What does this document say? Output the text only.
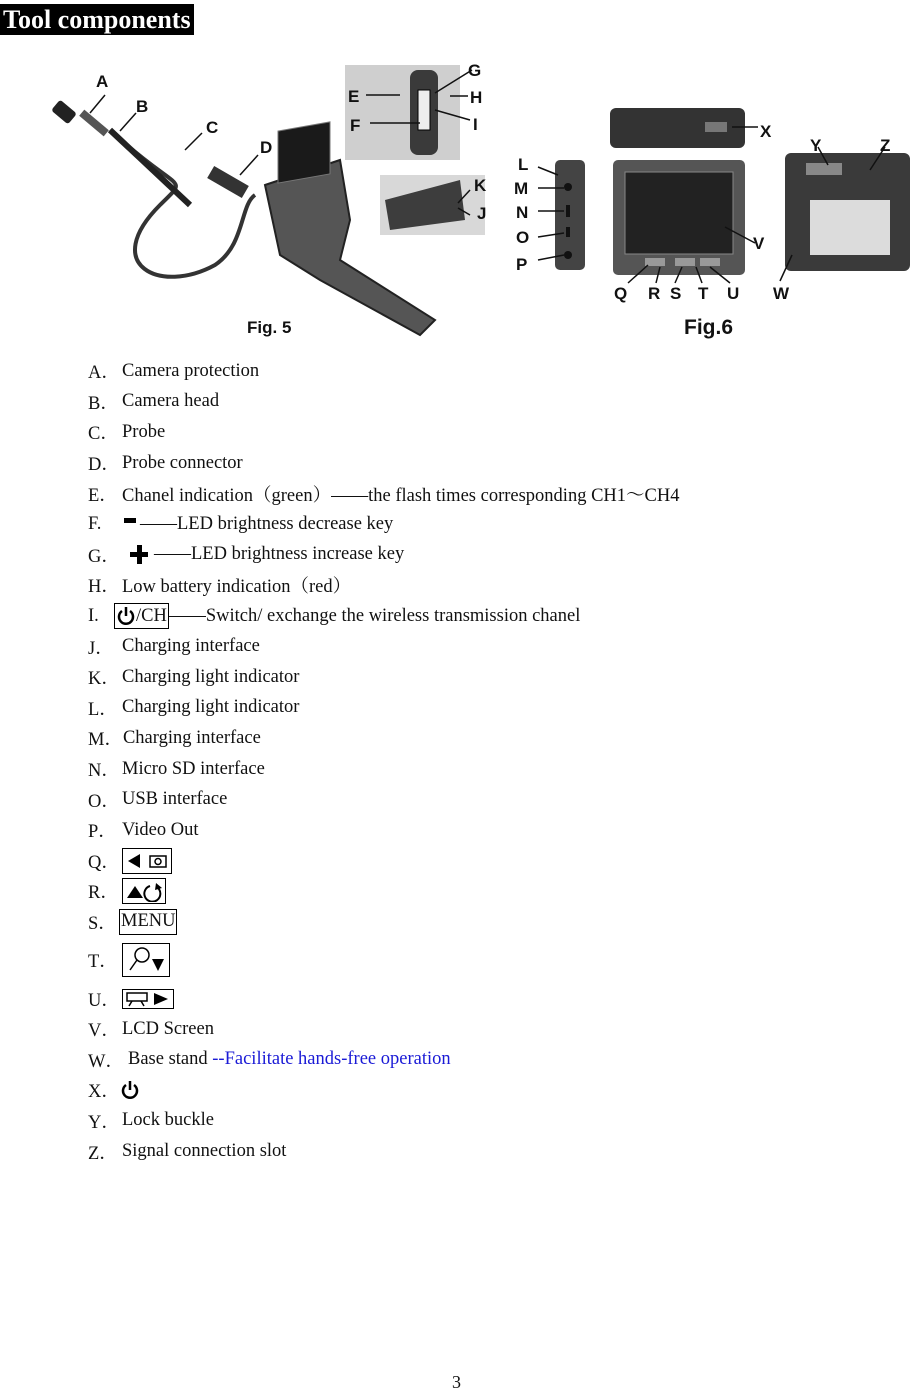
Tool components
A
B
C
D
E
F
G
H
I
K
J
Fig. 5
X
Y	Z
L
M
N
O
P
V
Q R S T U W
Fig.6
A． Camera protection
B． Camera head
C． Probe
D． Probe connector
E． Chanel indication（green）——the flash times corresponding CH1～CH4
F.	——LED brightness decrease key
G． ——LED brightness increase key
H． Low battery indication（red）
I.	/CH ——Switch/ exchange the wireless transmission chanel
J． Charging interface
K． Charging light indicator
L． Charging light indicator
M． Charging interface
N． Micro SD interface
O． USB interface
P． Video Out
Q．
R．
S． MENU
T．
U．
V． LCD Screen
W． Base stand --Facilitate hands-free operation
X．
Y． Lock buckle
Z． Signal connection slot
3
